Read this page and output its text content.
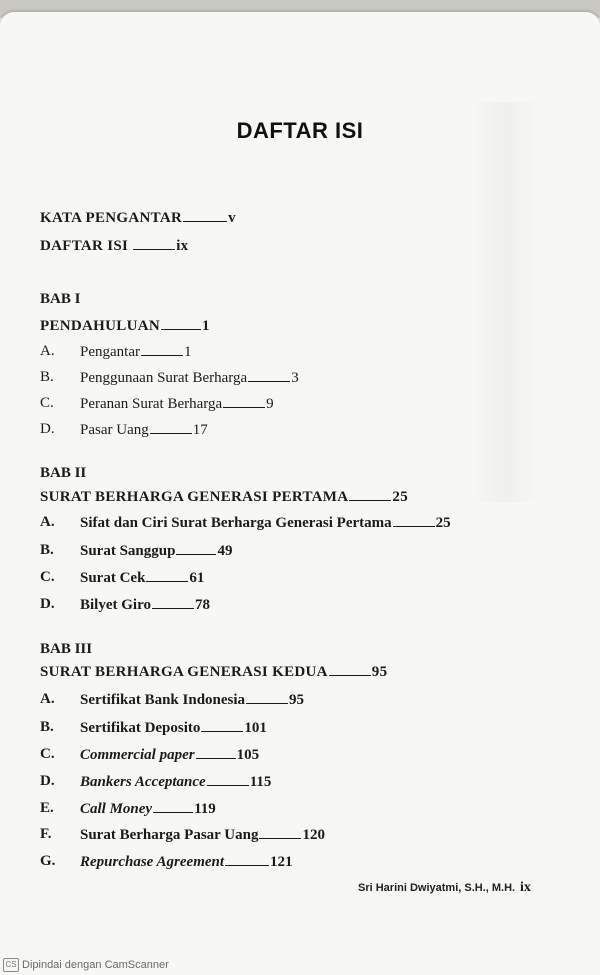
DAFTAR ISI
KATA PENGANTAR	v
DAFTAR ISI	ix
BAB I
PENDAHULUAN	1
A. Pengantar	1
B. Penggunaan Surat Berharga	3
C. Peranan Surat Berharga	9
D. Pasar Uang	17
BAB II
SURAT BERHARGA GENERASI PERTAMA	25
A. Sifat dan Ciri Surat Berharga Generasi Pertama	25
B. Surat Sanggup	49
C. Surat Cek	61
D. Bilyet Giro	78
BAB III
SURAT BERHARGA GENERASI KEDUA	95
A. Sertifikat Bank Indonesia	95
B. Sertifikat Deposito	101
C. Commercial paper	105
D. Bankers Acceptance	115
E. Call Money	119
F. Surat Berharga Pasar Uang	120
G. Repurchase Agreement	121
Sri Harini Dwiyatmi, S.H., M.H. ix
CS Dipindai dengan CamScanner
